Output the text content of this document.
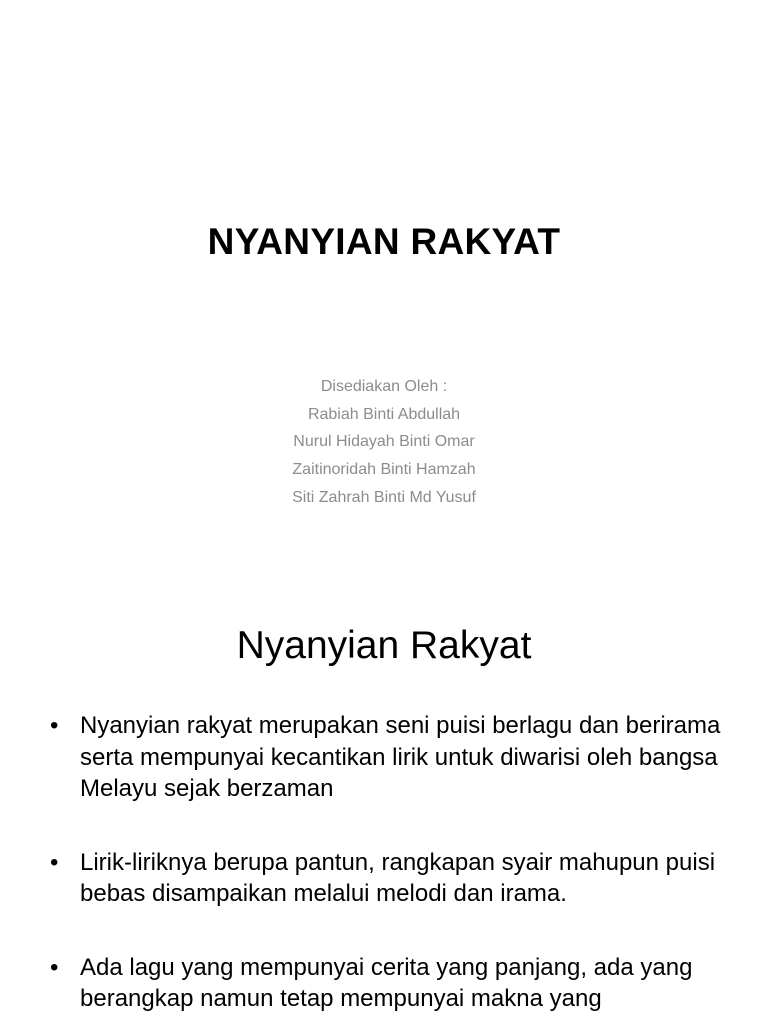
NYANYIAN RAKYAT
Disediakan Oleh :
Rabiah Binti Abdullah
Nurul Hidayah Binti Omar
Zaitinoridah Binti Hamzah
Siti Zahrah Binti Md Yusuf
Nyanyian Rakyat
• Nyanyian rakyat merupakan seni puisi berlagu dan berirama serta mempunyai kecantikan lirik untuk diwarisi oleh bangsa Melayu sejak berzaman
• Lirik-liriknya berupa pantun, rangkapan syair mahupun puisi bebas disampaikan melalui melodi dan irama.
• Ada lagu yang mempunyai cerita yang panjang, ada yang berangkap namun tetap mempunyai makna yang
